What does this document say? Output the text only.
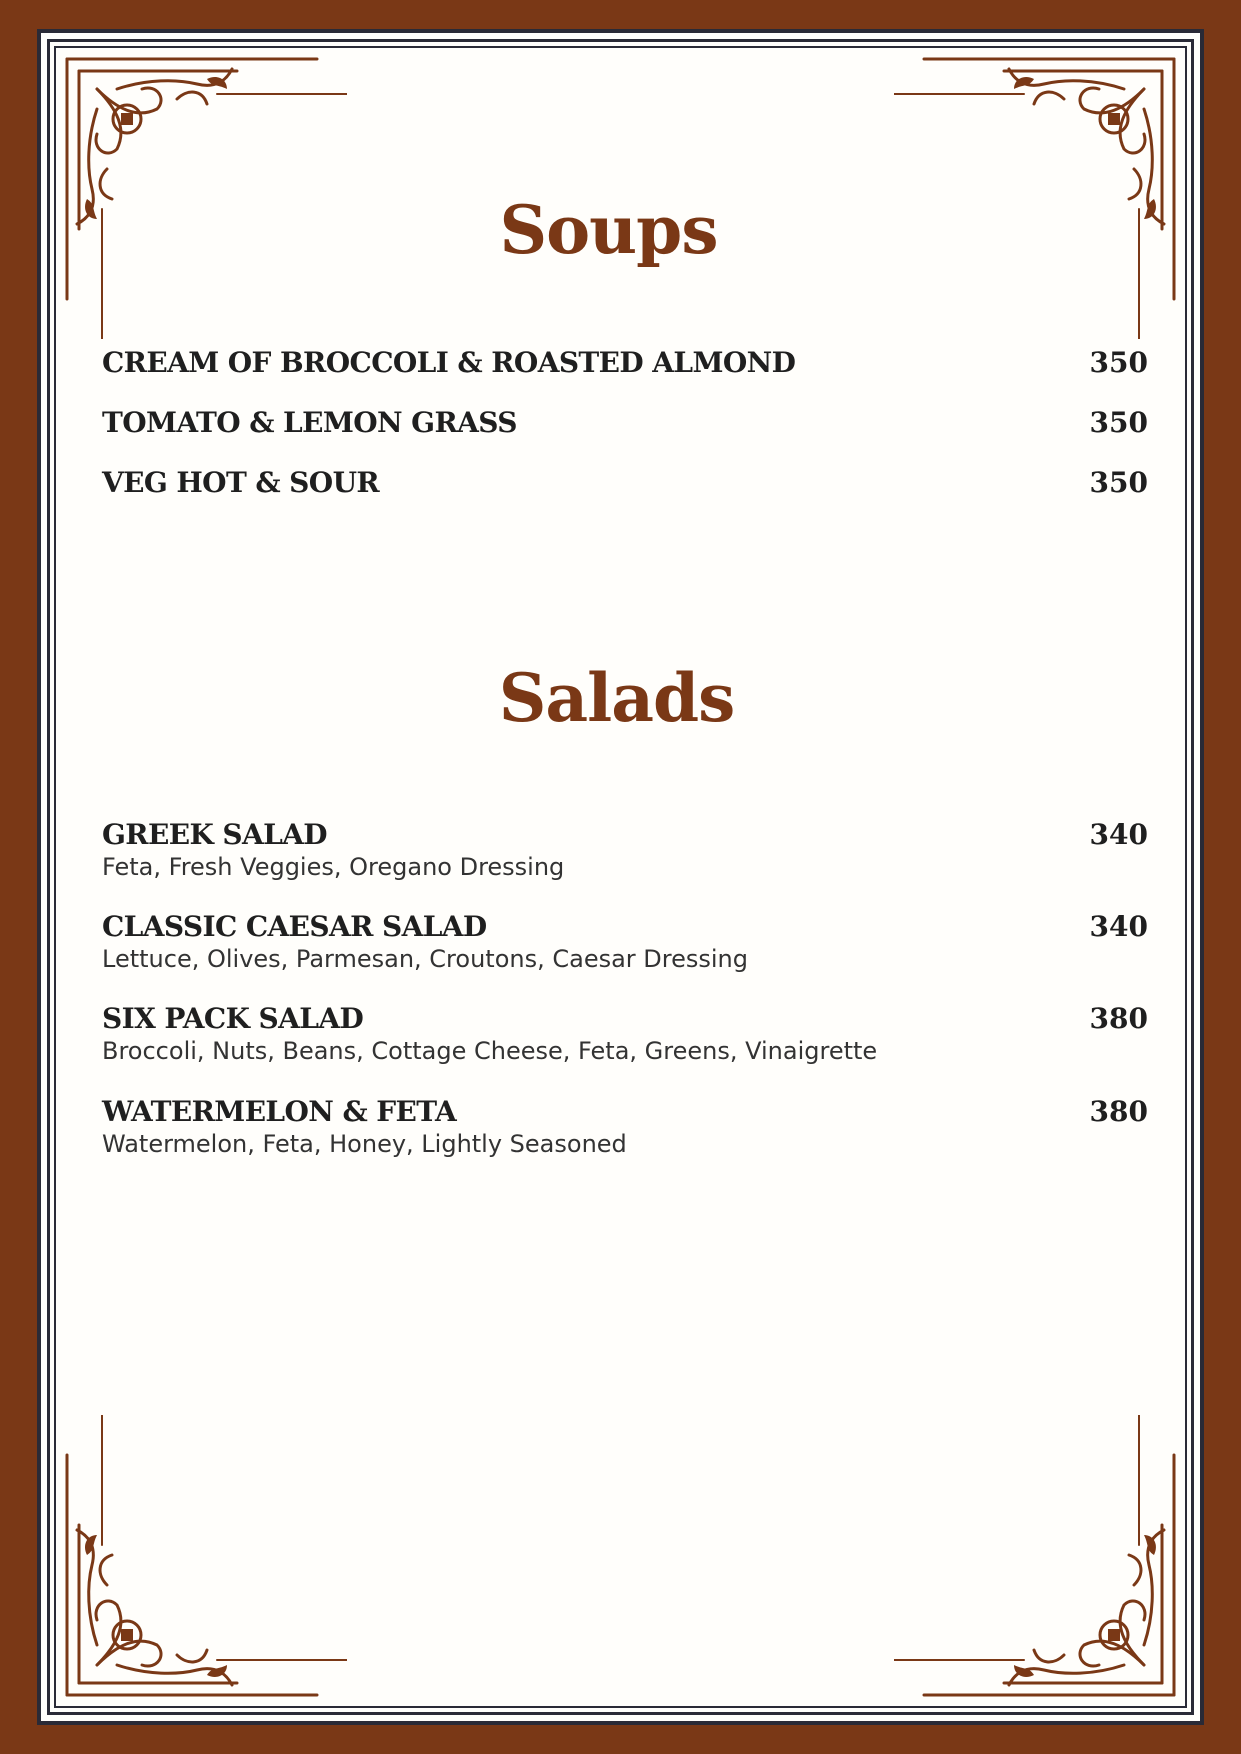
Soups
CREAM OF BROCCOLI & ROASTED ALMOND	350
TOMATO & LEMON GRASS	350
VEG HOT & SOUR	350
Salads
GREEK SALAD	340
Feta, Fresh Veggies, Oregano Dressing
CLASSIC CAESAR SALAD	340
Lettuce, Olives, Parmesan, Croutons, Caesar Dressing
SIX PACK SALAD	380
Broccoli, Nuts, Beans, Cottage Cheese, Feta, Greens, Vinaigrette
WATERMELON & FETA	380
Watermelon, Feta, Honey, Lightly Seasoned
